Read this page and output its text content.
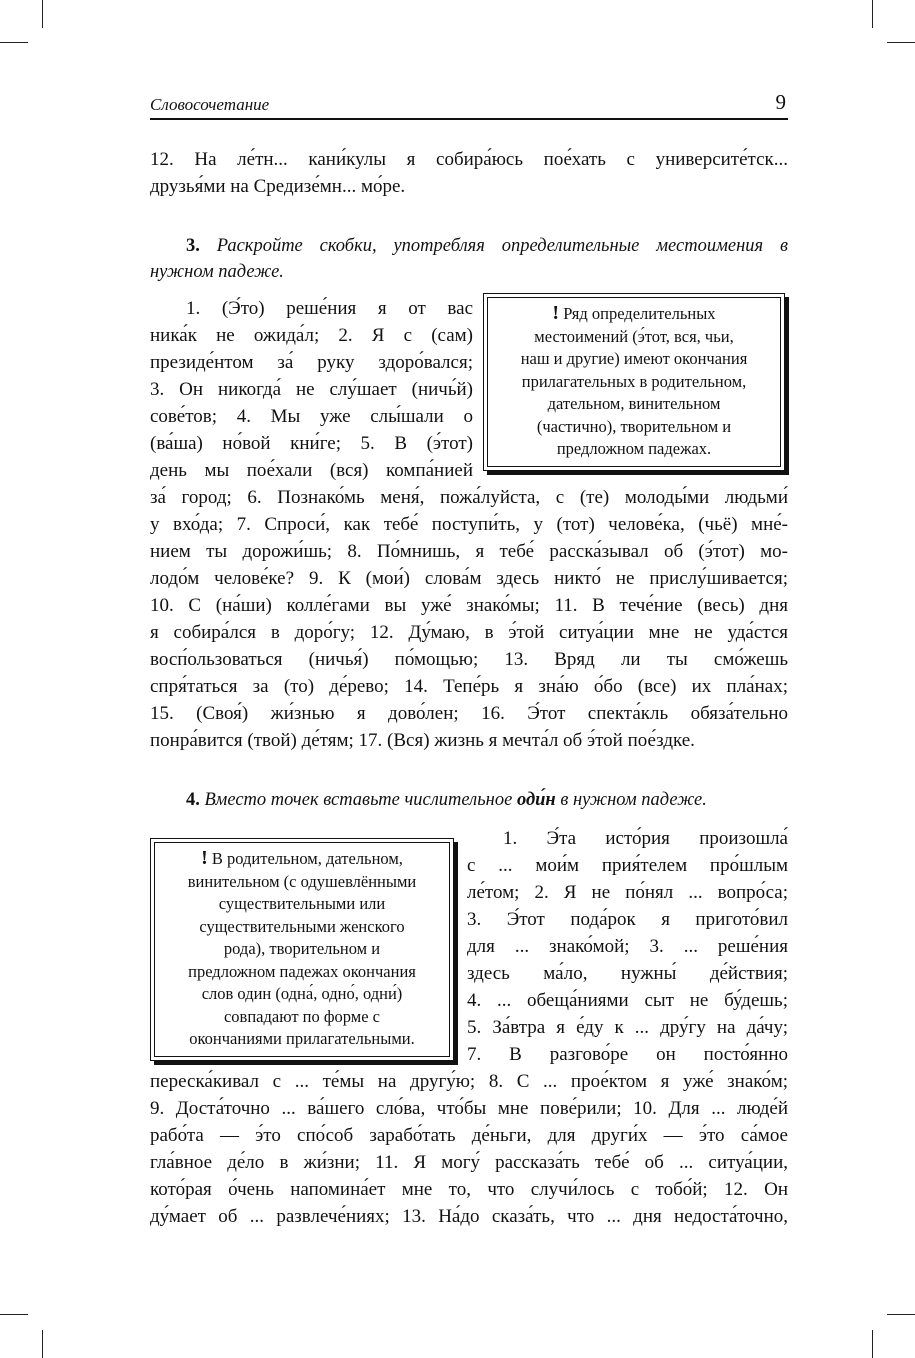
Словосочетание	9
12. На ле́тн... кани́кулы я собира́юсь пое́хать с университе́тск...
друзья́ми на Средизе́мн... мо́ре.
3. Раскройте скобки, употребляя определительные местоимения в
нужном падеже.
1. (Э́то) реше́ния я от вас
ника́к не ожида́л; 2. Я с (сам)
президе́нтом за́ руку здоро́вался;
3. Он никогда́ не слу́шает (ничь́й)
сове́тов; 4. Мы уже слы́шали о
(ва́ша) но́вой кни́ге; 5. В (э́тот)
день мы пое́хали (вся) компа́нией
! Ряд определительных
местоимений (э́тот, вся, чьи,
наш и другие) имеют окончания
прилагательных в родительном,
дательном, винительном
(частично), творительном и
предложном падежах.
за́ город; 6. Познако́мь меня́, пожа́луйста, с (те) молоды́ми людьми́
у вхо́да; 7. Спроси́, как тебе́ поступи́ть, у (тот) челове́ка, (чьё) мне́-
нием ты дорожи́шь; 8. По́мнишь, я тебе́ расска́зывал об (э́тот) мо-
лодо́м челове́ке? 9. К (мои́) слова́м здесь никто́ не прислу́шивается;
10. С (на́ши) колле́гами вы уже́ знако́мы; 11. В тече́ние (весь) дня
я собира́лся в доро́гу; 12. Ду́маю, в э́той ситуа́ции мне не уда́стся
восп́ользоваться (ничья́) по́мощью; 13. Вряд ли ты смо́жешь
спря́таться за (то) де́рево; 14. Тепе́рь я зна́ю о́бо (все) их пла́нах;
15. (Своя́) жи́знью я дово́лен; 16. Э́тот спекта́кль обяза́тельно
понра́вится (твой) де́тям; 17. (Вся) жизнь я мечта́л об э́той пое́здке.
4. Вместо точек вставьте числительное оди́н в нужном падеже.
! В родительном, дательном,
винительном (с одушевлёнными
существительными или
существительными женского
рода), творительном и
предложном падежах окончания
слов один (одна́, одно́, одни́)
совпадают по форме с
окончаниями прилагательными.
1. Э́та исто́рия произошла́
с ... мои́м прия́телем про́шлым
ле́том; 2. Я не по́нял ... вопро́са;
3. Э́тот пода́рок я пригото́вил
для ... знако́мой; 3. ... реше́ния
здесь ма́ло, нужны́ де́йствия;
4. ... обеща́ниями сыт не бу́дешь;
5. За́втра я е́ду к ... дру́гу на да́чу;
7. В разгово́ре он посто́янно
переска́кивал с ... те́мы на другу́ю; 8. С ... прое́ктом я уже́ знако́м;
9. Доста́точно ... ва́шего сло́ва, что́бы мне пове́рили; 10. Для ... люде́й
рабо́та — э́то спо́соб зарабо́тать де́ньги, для други́х — э́то са́мое
гла́вное де́ло в жи́зни; 11. Я могу́ рассказа́ть тебе́ об ... ситуа́ции,
кото́рая о́чень напомина́ет мне то, что случи́лось с тобо́й; 12. Он
ду́мает об ... развлече́ниях; 13. На́до сказа́ть, что ... дня недоста́точно,
